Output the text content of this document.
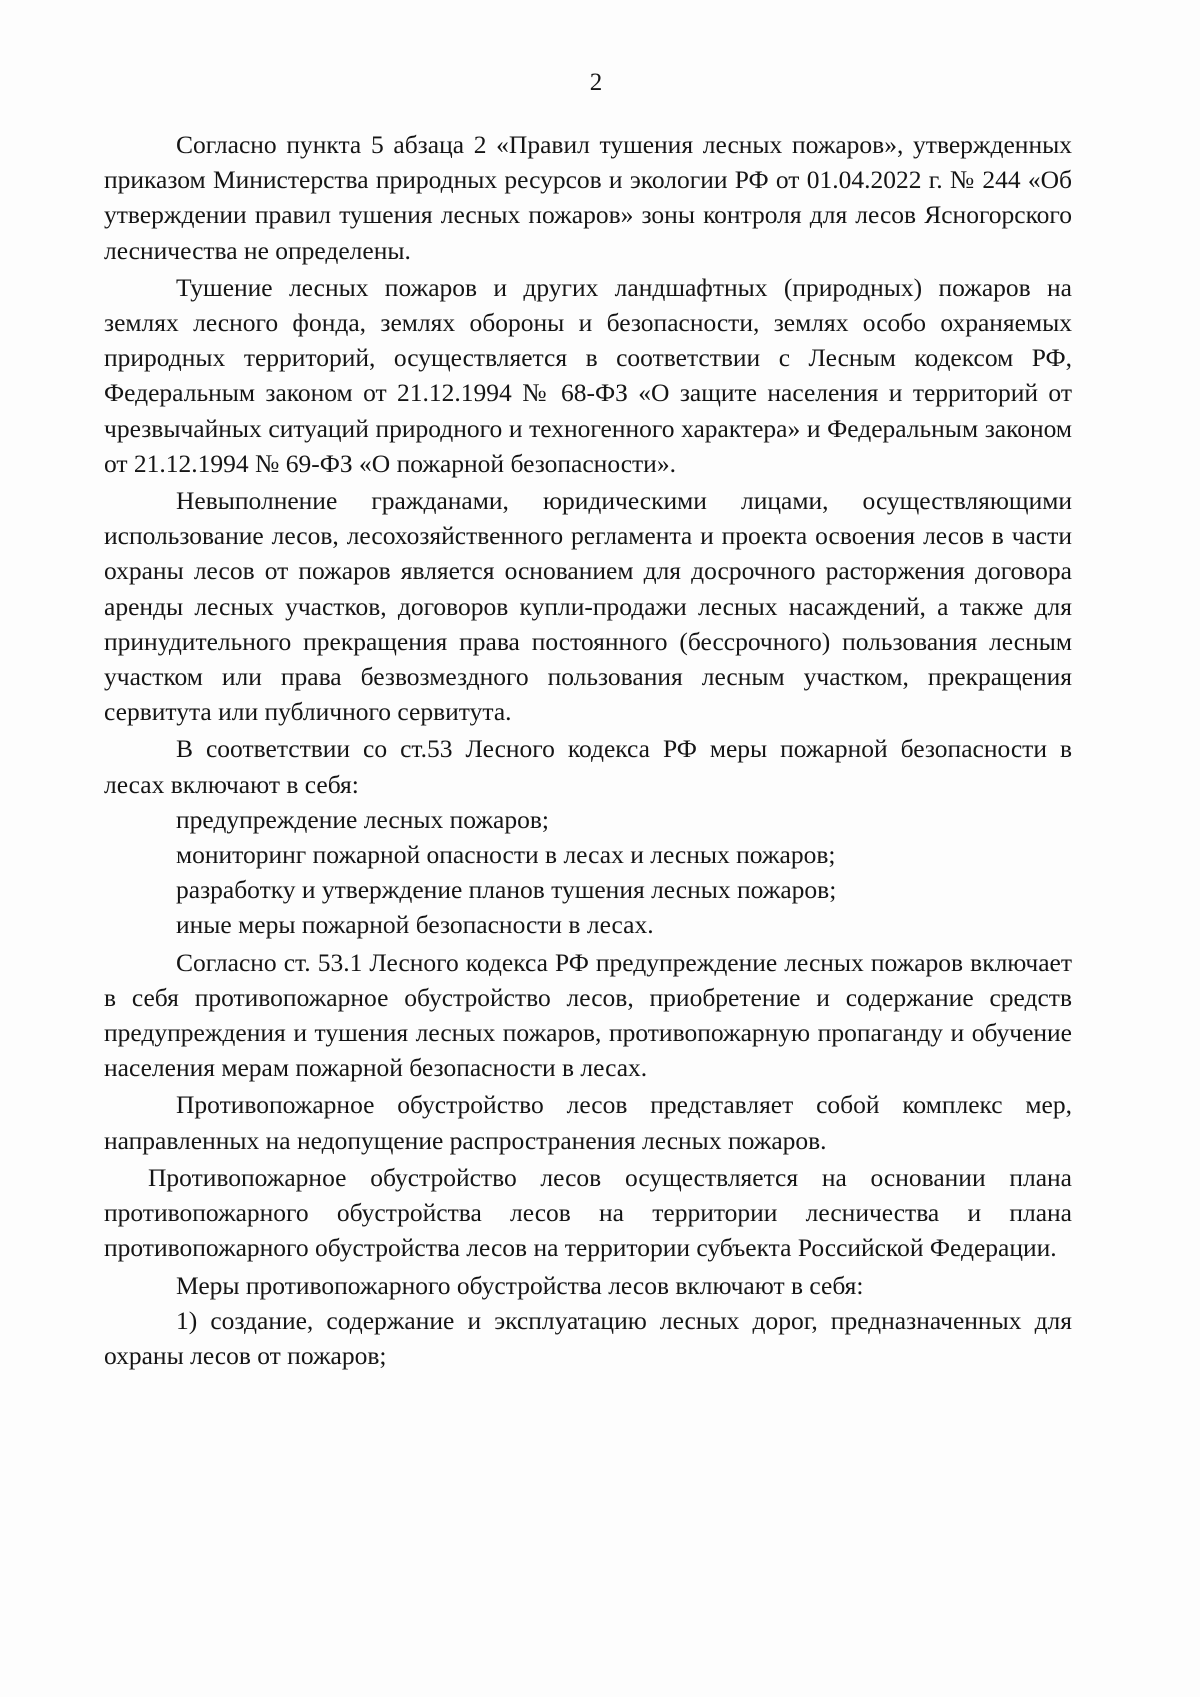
2

Согласно пункта 5 абзаца 2 «Правил тушения лесных пожаров», утвержденных приказом Министерства природных ресурсов и экологии РФ от 01.04.2022 г. № 244 «Об утверждении правил тушения лесных пожаров» зоны контроля для лесов Ясногорского лесничества не определены.

Тушение лесных пожаров и других ландшафтных (природных) пожаров на землях лесного фонда, землях обороны и безопасности, землях особо охраняемых природных территорий, осуществляется в соответствии с Лесным кодексом РФ, Федеральным законом от 21.12.1994 № 68-ФЗ «О защите населения и территорий от чрезвычайных ситуаций природного и техногенного характера» и Федеральным законом от 21.12.1994 № 69-ФЗ «О пожарной безопасности».

Невыполнение гражданами, юридическими лицами, осуществляющими использование лесов, лесохозяйственного регламента и проекта освоения лесов в части охраны лесов от пожаров является основанием для досрочного расторжения договора аренды лесных участков, договоров купли-продажи лесных насаждений, а также для принудительного прекращения права постоянного (бессрочного) пользования лесным участком или права безвозмездного пользования лесным участком, прекращения сервитута или публичного сервитута.

В соответствии со ст.53 Лесного кодекса РФ меры пожарной безопасности в лесах включают в себя:

предупреждение лесных пожаров;

мониторинг пожарной опасности в лесах и лесных пожаров;

разработку и утверждение планов тушения лесных пожаров;

иные меры пожарной безопасности в лесах.

Согласно ст. 53.1 Лесного кодекса РФ предупреждение лесных пожаров включает в себя противопожарное обустройство лесов, приобретение и содержание средств предупреждения и тушения лесных пожаров, противопожарную пропаганду и обучение населения мерам пожарной безопасности в лесах.

Противопожарное обустройство лесов представляет собой комплекс мер, направленных на недопущение распространения лесных пожаров.

Противопожарное обустройство лесов осуществляется на основании плана противопожарного обустройства лесов на территории лесничества и плана противопожарного обустройства лесов на территории субъекта Российской Федерации.

Меры противопожарного обустройства лесов включают в себя:

1) создание, содержание и эксплуатацию лесных дорог, предназначенных для охраны лесов от пожаров;
